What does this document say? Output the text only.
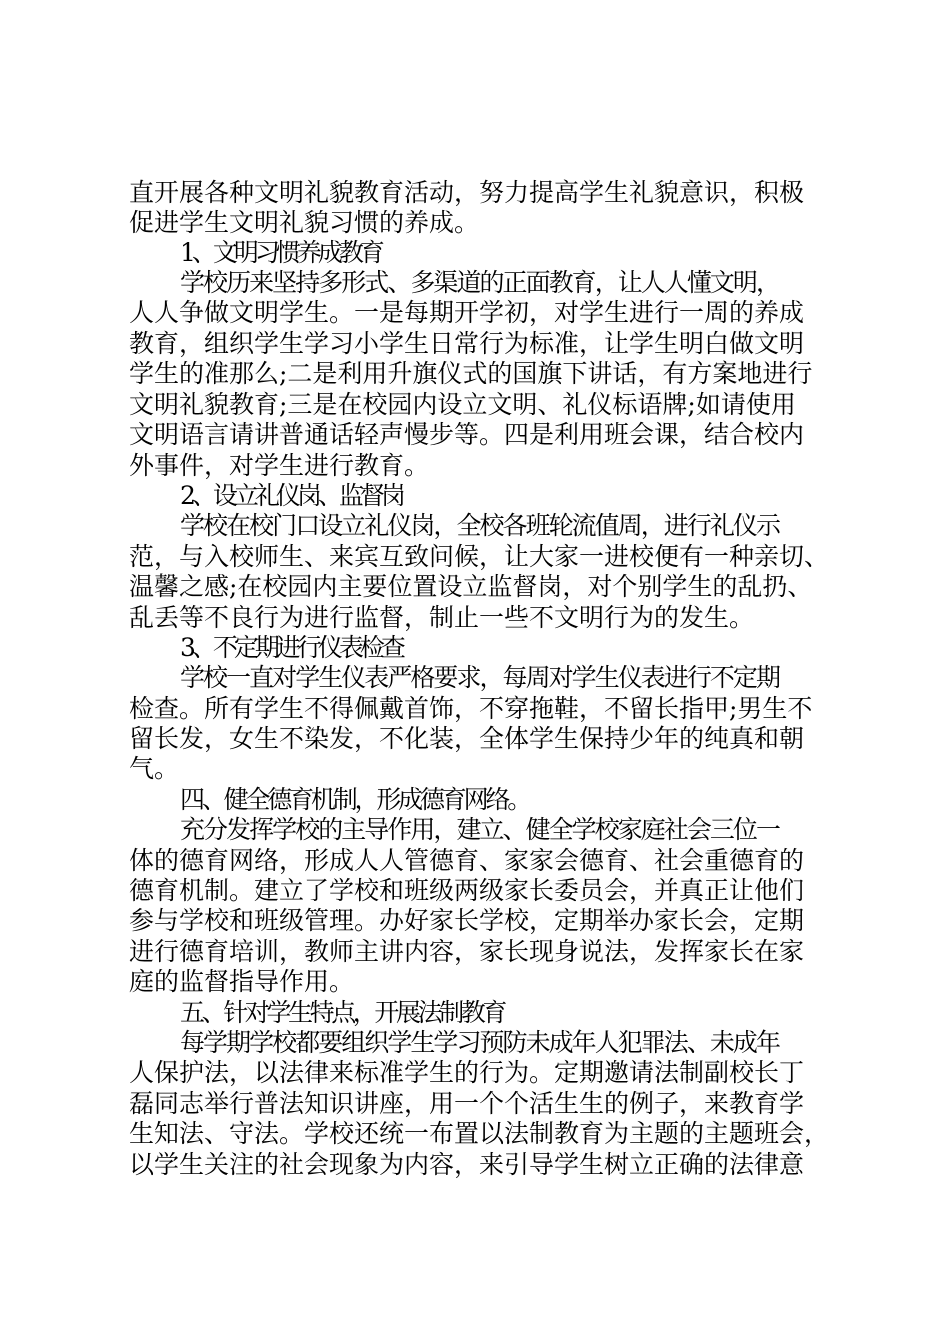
直开展各种文明礼貌教育活动，努力提高学生礼貌意识，积极
促进学生文明礼貌习惯的养成。
1、文明习惯养成教育
学校历来坚持多形式、多渠道的正面教育，让人人懂文明，
人人争做文明学生。一是每期开学初，对学生进行一周的养成
教育，组织学生学习小学生日常行为标准，让学生明白做文明
学生的准那么;二是利用升旗仪式的国旗下讲话，有方案地进行
文明礼貌教育;三是在校园内设立文明、礼仪标语牌;如请使用
文明语言请讲普通话轻声慢步等。四是利用班会课，结合校内
外事件，对学生进行教育。
2、设立礼仪岗、监督岗
学校在校门口设立礼仪岗，全校各班轮流值周，进行礼仪示
范，与入校师生、来宾互致问候，让大家一进校便有一种亲切、
温馨之感;在校园内主要位置设立监督岗，对个别学生的乱扔、
乱丢等不良行为进行监督，制止一些不文明行为的发生。
3、不定期进行仪表检查
学校一直对学生仪表严格要求，每周对学生仪表进行不定期
检查。所有学生不得佩戴首饰，不穿拖鞋，不留长指甲;男生不
留长发，女生不染发，不化装，全体学生保持少年的纯真和朝
气。
四、健全德育机制，形成德育网络。
充分发挥学校的主导作用，建立、健全学校家庭社会三位一
体的德育网络，形成人人管德育、家家会德育、社会重德育的
德育机制。建立了学校和班级两级家长委员会，并真正让他们
参与学校和班级管理。办好家长学校，定期举办家长会，定期
进行德育培训，教师主讲内容，家长现身说法，发挥家长在家
庭的监督指导作用。
五、针对学生特点，开展法制教育
每学期学校都要组织学生学习预防未成年人犯罪法、未成年
人保护法，以法律来标准学生的行为。定期邀请法制副校长丁
磊同志举行普法知识讲座，用一个个活生生的例子，来教育学
生知法、守法。学校还统一布置以法制教育为主题的主题班会，
以学生关注的社会现象为内容，来引导学生树立正确的法律意
